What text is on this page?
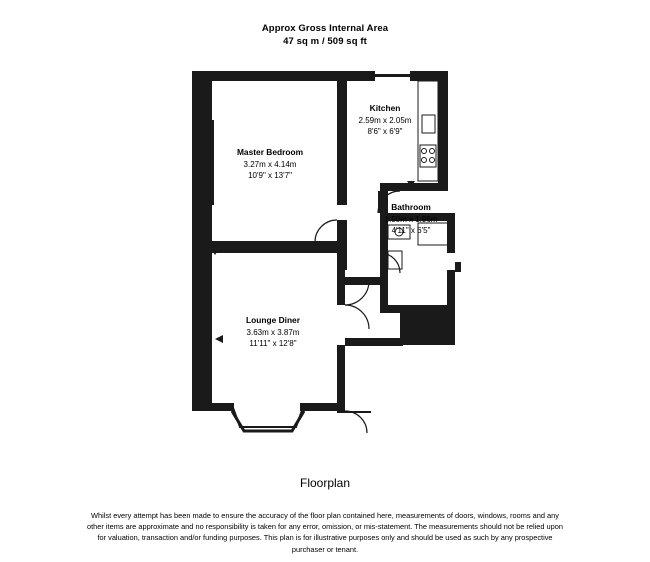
Approx Gross Internal Area
47 sq m / 509 sq ft
Master Bedroom
3.27m x 4.14m
10'9" x 13'7"
Kitchen
2.59m x 2.05m
8'6" x 6'9"
Bathroom
1.50m x 1.96m
4'11" x 6'5"
Lounge Diner
3.63m x 3.87m
11'11" x 12'8"
Floorplan
Whilst every attempt has been made to ensure the accuracy of the floor plan contained here, measurements of doors, windows, rooms and any other items are approximate and no responsibility is taken for any error, omission, or mis-statement. The measurements should not be relied upon for valuation, transaction and/or funding purposes. This plan is for illustrative purposes only and should be used as such by any prospective purchaser or tenant.
